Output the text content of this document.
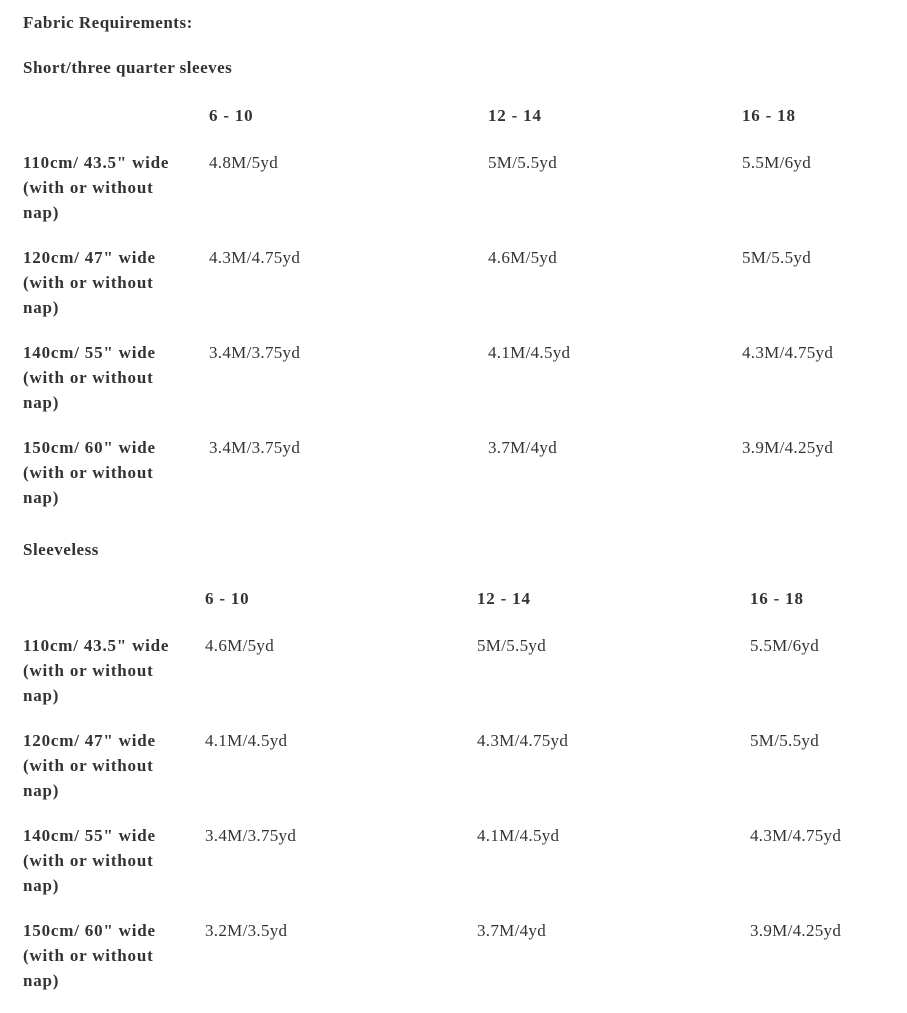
Fabric Requirements:
Short/three quarter sleeves
	6 - 10	12 - 14	16 - 18

110cm/ 43.5" wide (with or without nap)	4.8M/5yd	5M/5.5yd	5.5M/6yd

120cm/ 47" wide (with or without nap)	4.3M/4.75yd	4.6M/5yd	5M/5.5yd

140cm/ 55" wide (with or without nap)	3.4M/3.75yd	4.1M/4.5yd	4.3M/4.75yd

150cm/ 60" wide (with or without nap)	3.4M/3.75yd	3.7M/4yd	3.9M/4.25yd
Sleeveless
	6 - 10	12 - 14	16 - 18

110cm/ 43.5" wide (with or without nap)	4.6M/5yd	5M/5.5yd	5.5M/6yd

120cm/ 47" wide (with or without nap)	4.1M/4.5yd	4.3M/4.75yd	5M/5.5yd

140cm/ 55" wide (with or without nap)	3.4M/3.75yd	4.1M/4.5yd	4.3M/4.75yd

150cm/ 60" wide (with or without nap)	3.2M/3.5yd	3.7M/4yd	3.9M/4.25yd
